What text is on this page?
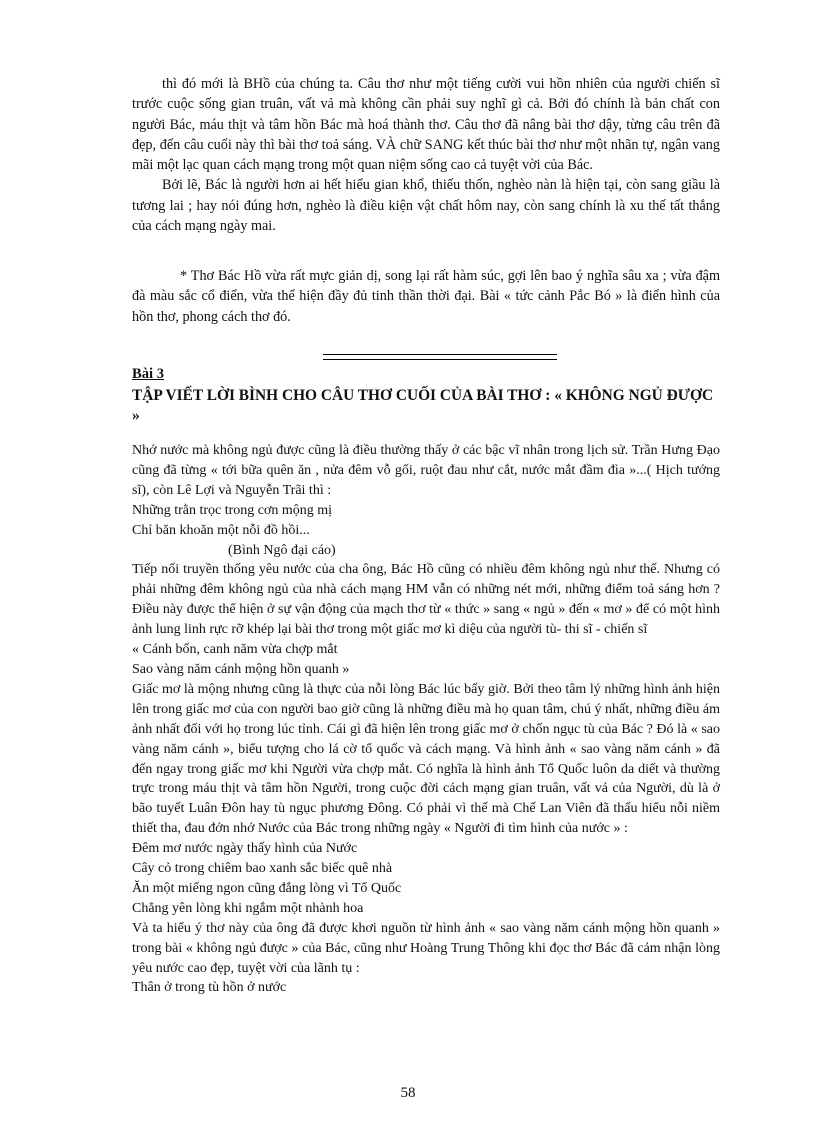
thì đó mới là BHồ của chúng ta. Câu thơ như một tiếng cười vui hồn nhiên của người chiến sĩ trước cuộc sống gian truân, vất vả mà không cần phải suy nghĩ gì cả. Bởi đó chính là bản chất con người Bác, máu thịt và tâm hồn Bác mà hoá thành thơ. Câu thơ đã nâng bài thơ dậy, từng câu trên đã đẹp, đến câu cuối này thì bài thơ toả sáng. VÀ chữ SANG kết thúc bài thơ như một nhãn tự, ngân vang mãi một lạc quan cách mạng trong một quan niệm sống cao cả tuyệt vời của Bác.
Bởi lẽ, Bác là người hơn ai hết hiểu gian khổ, thiếu thốn, nghèo nàn là hiện tại, còn sang giầu là tương lai ; hay nói đúng hơn, nghèo là điều kiện vật chất hôm nay, còn sang chính là xu thế tất thắng của cách mạng ngày mai.
* Thơ Bác Hồ vừa rất mực giản dị, song lại rất hàm súc, gợi lên bao ý nghĩa sâu xa ; vừa đậm đà màu sắc cổ điển, vừa thể hiện đầy đủ tinh thần thời đại. Bài « tức cảnh Pắc Bó » là điển hình của hồn thơ, phong cách thơ đó.
Bài 3
TẬP VIẾT LỜI BÌNH CHO CÂU THƠ CUỐI CỦA BÀI THƠ : « KHÔNG NGỦ ĐƯỢC »
Nhớ nước mà không ngủ được cũng là điều thường thấy ở các bậc vĩ nhân trong lịch sử. Trần Hưng Đạo cũng đã từng « tới bữa quên ăn , nửa đêm vỗ gối, ruột đau như cắt, nước mắt đầm đìa »...( Hịch tướng sĩ), còn Lê Lợi và Nguyễn Trãi thì :
Những trằn trọc trong cơn mộng mị
Chỉ băn khoăn một nỗi đồ hồi...
(Bình Ngô đại cáo)
Tiếp nối truyền thống yêu nước của cha ông, Bác Hồ cũng có nhiều đêm không ngủ như thế. Nhưng có phải những đêm không ngủ của nhà cách mạng HM vẫn có những nét mới, những điểm toả sáng hơn ? Điều này được thể hiện ở sự vận động của mạch thơ từ « thức » sang « ngủ » đến « mơ » để có một hình ảnh lung linh rực rỡ khép lại bài thơ trong một giấc mơ kì diệu của người tù- thi sĩ - chiến sĩ
« Cánh bốn, canh năm vừa chợp mắt
Sao vàng năm cánh mộng hồn quanh »
Giấc mơ là mộng nhưng cũng là thực của nỗi lòng Bác lúc bấy giờ. Bởi theo tâm lý những hình ảnh hiện lên trong giấc mơ của con người bao giờ cũng là những điều mà họ quan tâm, chú ý nhất, những điều ám ảnh nhất đối với họ trong lúc tỉnh. Cái gì đã hiện lên trong giấc mơ ở chốn ngục tù của Bác ? Đó là « sao vàng năm cánh », biểu tượng cho lá cờ tổ quốc và cách mạng. Và hình ảnh « sao vàng năm cánh » đã đến ngay trong giấc mơ khi Người vừa chợp mắt. Có nghĩa là hình ảnh Tổ Quốc luôn da diết và thường trực trong máu thịt và tâm hồn Người, trong cuộc đời cách mạng gian truân, vất vả của Người, dù là ở bão tuyết Luân Đôn hay tù ngục phương Đông. Có phải vì thế mà Chế Lan Viên đã thấu hiểu nỗi niềm thiết tha, đau đớn nhớ Nước của Bác trong những ngày « Người đi tìm hình của nước » :
Đêm mơ nước ngày thấy hình của Nước
Cây cỏ trong chiêm bao xanh sắc biếc quê nhà
Ăn một miếng ngon cũng đắng lòng vì Tổ Quốc
Chẳng yên lòng khi ngắm một nhành hoa
Và ta hiểu ý thơ này của ông đã được khơi nguồn từ hình ảnh « sao vàng năm cánh mộng hồn quanh » trong bài « không ngủ được » của Bác, cũng như Hoàng Trung Thông khi đọc thơ Bác đã cảm nhận lòng yêu nước cao đẹp, tuyệt vời của lãnh tụ :
Thân ở trong tù hồn ở nước
58
